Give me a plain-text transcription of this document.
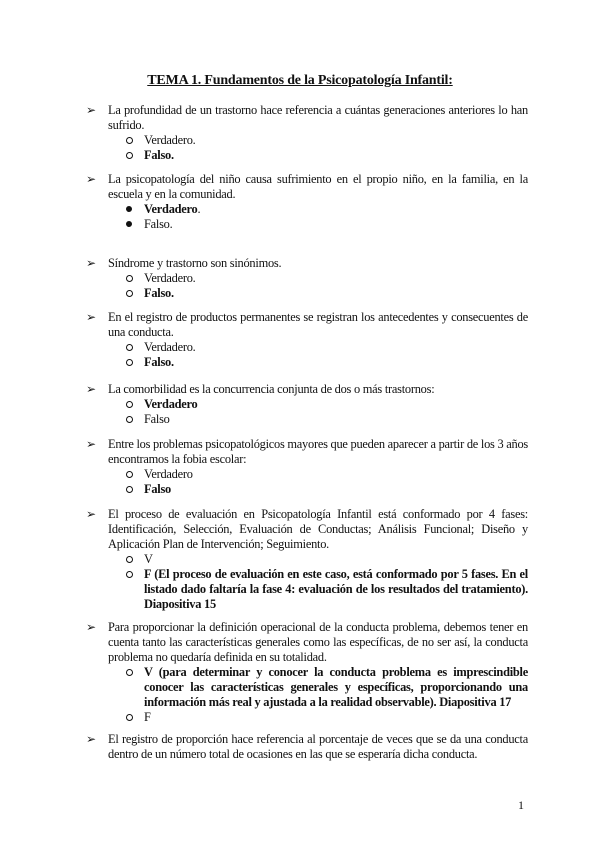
TEMA 1. Fundamentos de la Psicopatología Infantil:
➢ La profundidad de un trastorno hace referencia a cuántas generaciones anteriores lo han sufrido.
Verdadero.
Falso.
➢ La psicopatología del niño causa sufrimiento en el propio niño, en la familia, en la escuela y en la comunidad.
Verdadero.
Falso.
➢ Síndrome y trastorno son sinónimos.
Verdadero.
Falso.
➢ En el registro de productos permanentes se registran los antecedentes y consecuentes de una conducta.
Verdadero.
Falso.
➢ La comorbilidad es la concurrencia conjunta de dos o más trastornos:
Verdadero
Falso
➢ Entre los problemas psicopatológicos mayores que pueden aparecer a partir de los 3 años encontramos la fobia escolar:
Verdadero
Falso
➢ El proceso de evaluación en Psicopatología Infantil está conformado por 4 fases: Identificación, Selección, Evaluación de Conductas; Análisis Funcional; Diseño y Aplicación Plan de Intervención; Seguimiento.
V
F (El proceso de evaluación en este caso, está conformado por 5 fases. En el listado dado faltaría la fase 4: evaluación de los resultados del tratamiento). Diapositiva 15
➢ Para proporcionar la definición operacional de la conducta problema, debemos tener en cuenta tanto las características generales como las específicas, de no ser así, la conducta problema no quedaría definida en su totalidad.
V (para determinar y conocer la conducta problema es imprescindible conocer las características generales y específicas, proporcionando una información más real y ajustada a la realidad observable). Diapositiva 17
F
➢ El registro de proporción hace referencia al porcentaje de veces que se da una conducta dentro de un número total de ocasiones en las que se esperaría dicha conducta.
1
